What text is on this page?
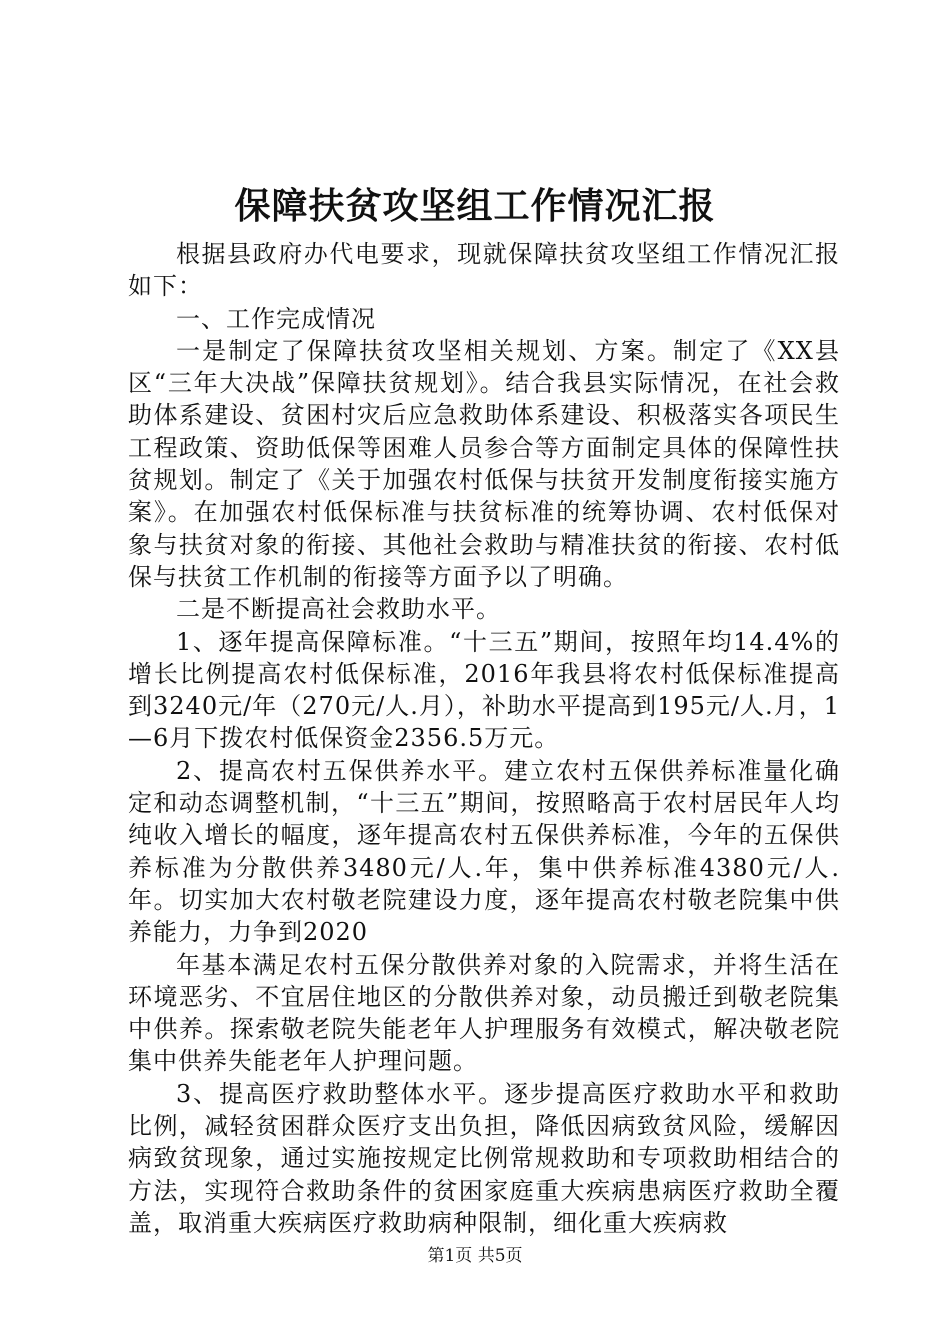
保障扶贫攻坚组工作情况汇报

根据县政府办代电要求，现就保障扶贫攻坚组工作情况汇报如下：

一、工作完成情况

一是制定了保障扶贫攻坚相关规划、方案。制定了《XX县区“三年大决战”保障扶贫规划》。结合我县实际情况，在社会救助体系建设、贫困村灾后应急救助体系建设、积极落实各项民生工程政策、资助低保等困难人员参合等方面制定具体的保障性扶贫规划。制定了《关于加强农村低保与扶贫开发制度衔接实施方案》。在加强农村低保标准与扶贫标准的统筹协调、农村低保对象与扶贫对象的衔接、其他社会救助与精准扶贫的衔接、农村低保与扶贫工作机制的衔接等方面予以了明确。

二是不断提高社会救助水平。

1、逐年提高保障标准。“十三五”期间，按照年均14.4%的增长比例提高农村低保标准，2016年我县将农村低保标准提高到3240元/年（270元/人.月），补助水平提高到195元/人.月，1—6月下拨农村低保资金2356.5万元。

2、提高农村五保供养水平。建立农村五保供养标准量化确定和动态调整机制，“十三五”期间，按照略高于农村居民年人均纯收入增长的幅度，逐年提高农村五保供养标准，今年的五保供养标准为分散供养3480元/人.年，集中供养标准4380元/人.年。切实加大农村敬老院建设力度，逐年提高农村敬老院集中供养能力，力争到2020

年基本满足农村五保分散供养对象的入院需求，并将生活在环境恶劣、不宜居住地区的分散供养对象，动员搬迁到敬老院集中供养。探索敬老院失能老年人护理服务有效模式，解决敬老院集中供养失能老年人护理问题。

3、提高医疗救助整体水平。逐步提高医疗救助水平和救助比例，减轻贫困群众医疗支出负担，降低因病致贫风险，缓解因病致贫现象，通过实施按规定比例常规救助和专项救助相结合的方法，实现符合救助条件的贫困家庭重大疾病患病医疗救助全覆盖，取消重大疾病医疗救助病种限制，细化重大疾病救

第1页 共5页
